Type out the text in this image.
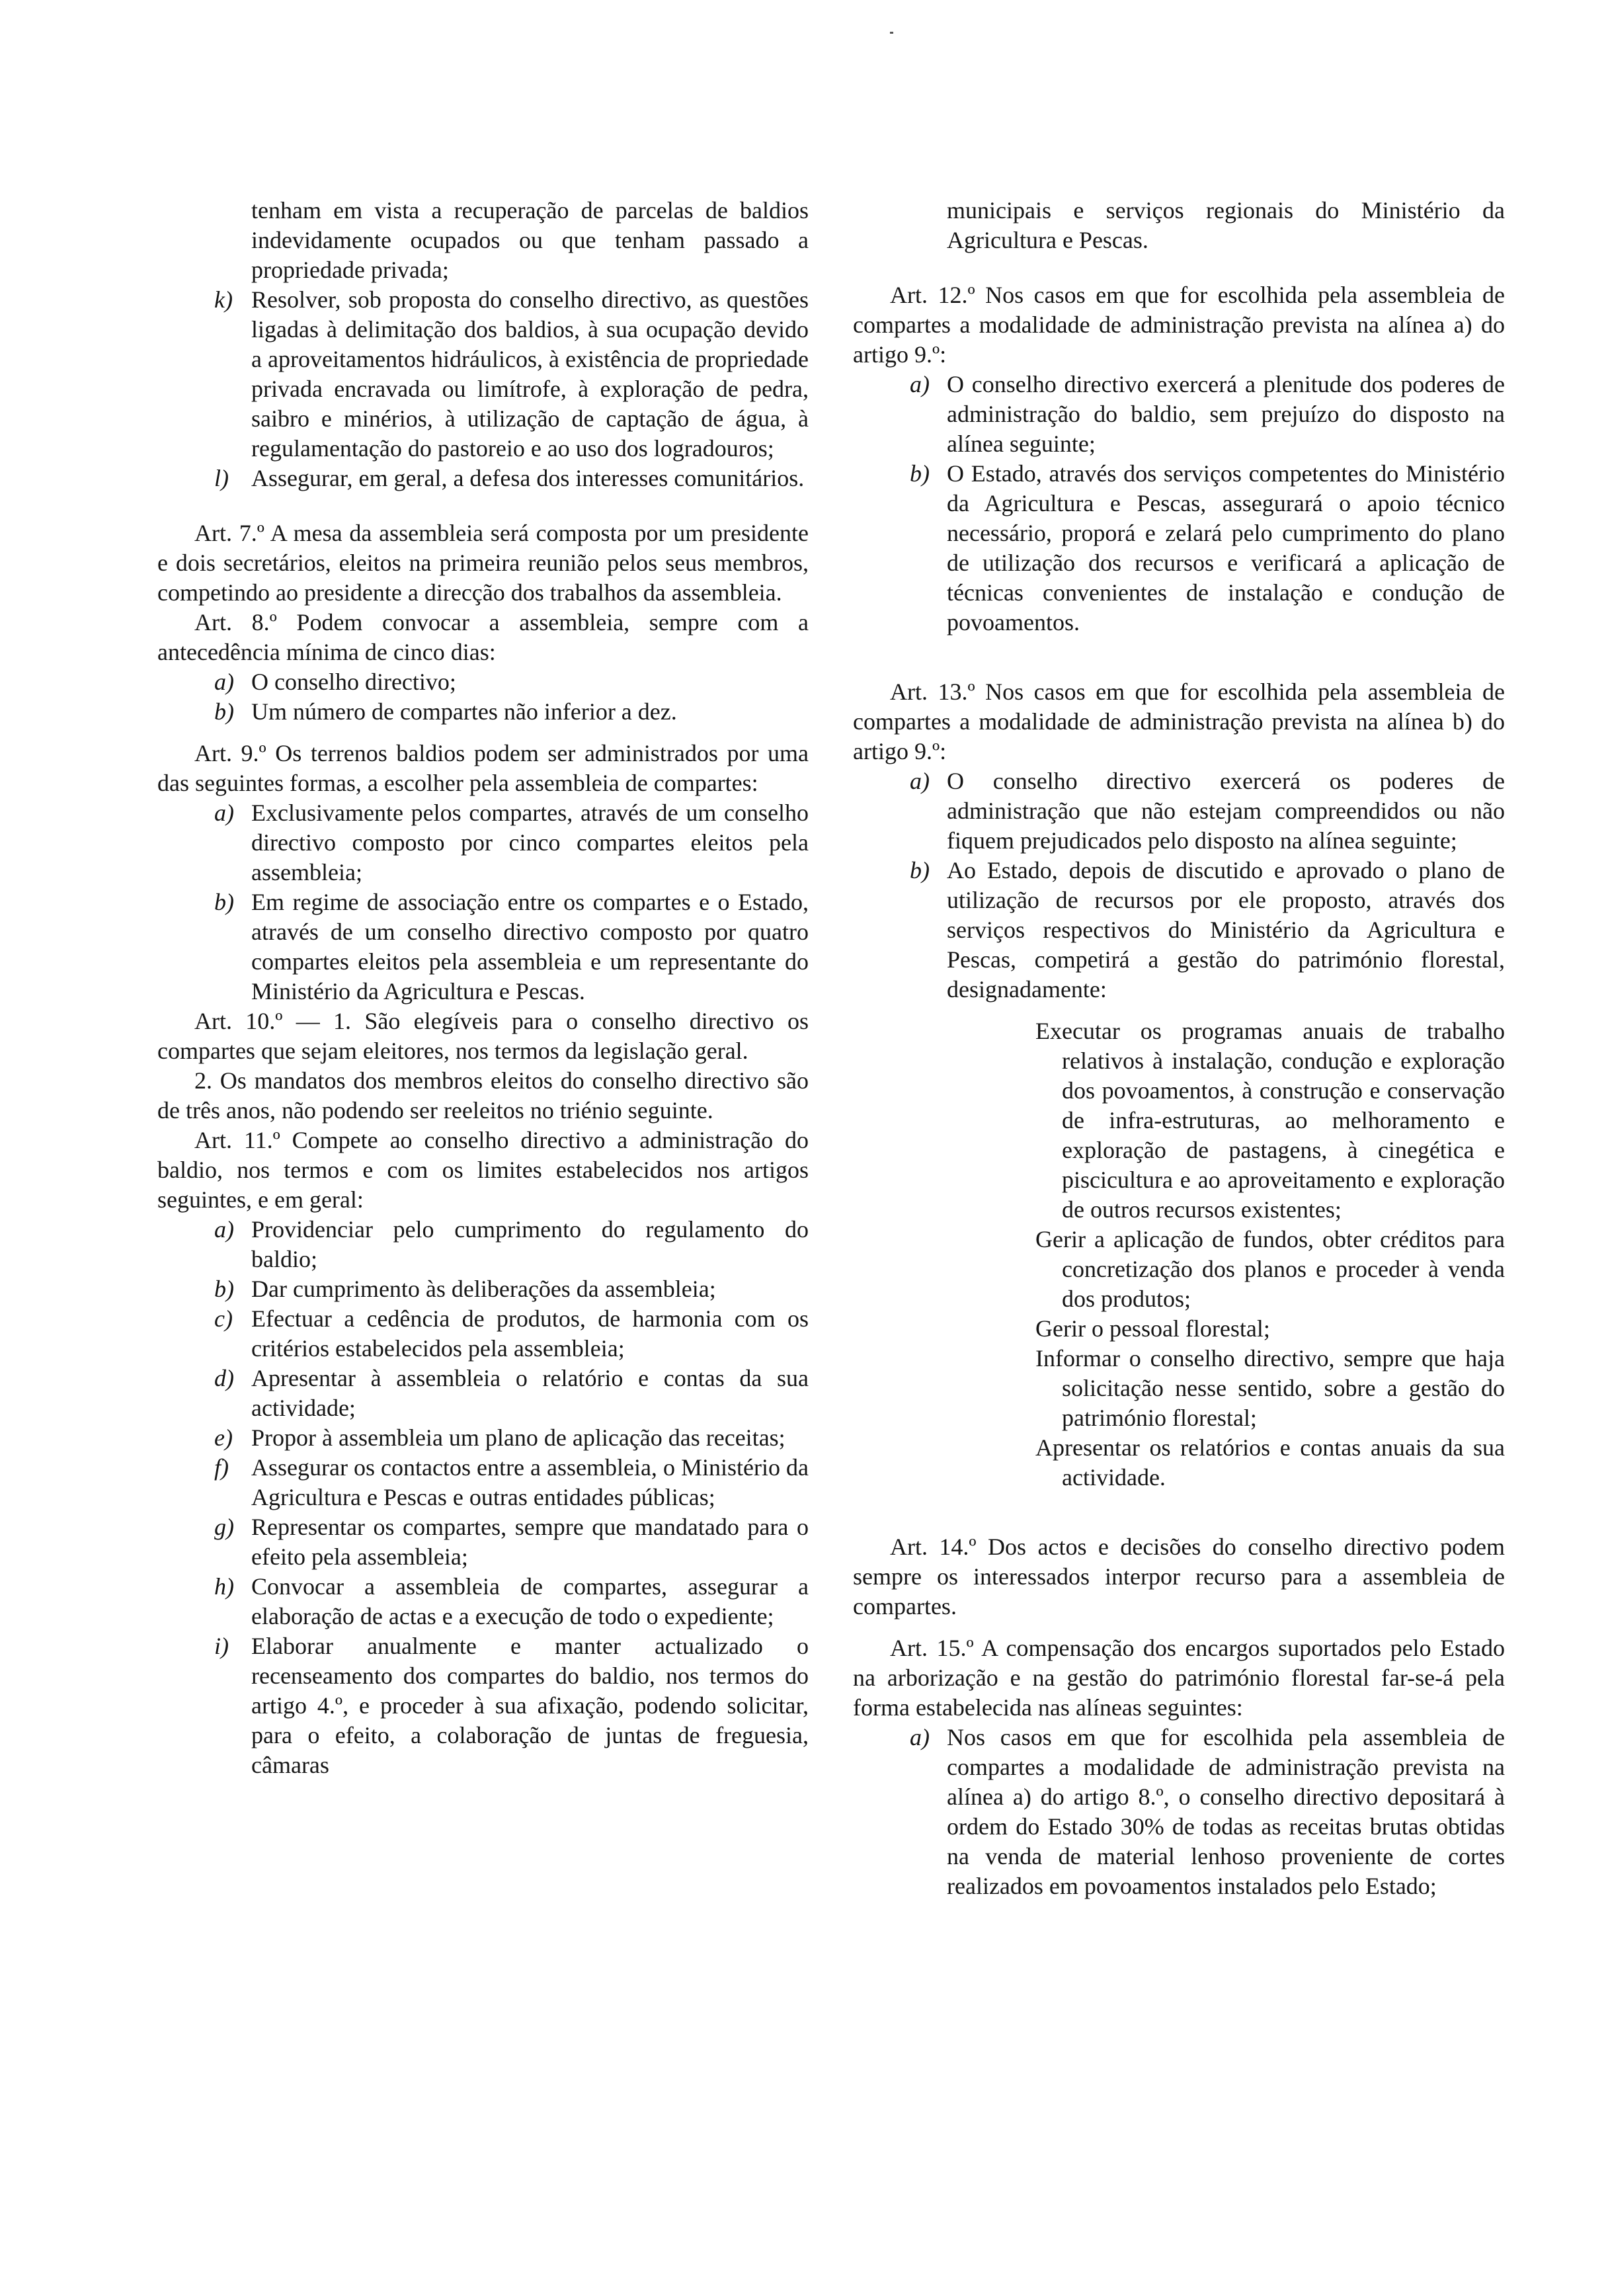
tenham em vista a recuperação de parcelas de baldios indevidamente ocupados ou que tenham passado a propriedade privada;
k) Resolver, sob proposta do conselho directivo, as questões ligadas à delimitação dos baldios, à sua ocupação devido a aproveitamentos hidráulicos, à existência de propriedade privada encravada ou limítrofe, à exploração de pedra, saibro e minérios, à utilização de captação de água, à regulamentação do pastoreio e ao uso dos logradouros;
l) Assegurar, em geral, a defesa dos interesses comunitários.

Art. 7.º A mesa da assembleia será composta por um presidente e dois secretários, eleitos na primeira reunião pelos seus membros, competindo ao presidente a direcção dos trabalhos da assembleia.

Art. 8.º Podem convocar a assembleia, sempre com a antecedência mínima de cinco dias:

a) O conselho directivo;
b) Um número de compartes não inferior a dez.

Art. 9.º Os terrenos baldios podem ser administrados por uma das seguintes formas, a escolher pela assembleia de compartes:

a) Exclusivamente pelos compartes, através de um conselho directivo composto por cinco compartes eleitos pela assembleia;
b) Em regime de associação entre os compartes e o Estado, através de um conselho directivo composto por quatro compartes eleitos pela assembleia e um representante do Ministério da Agricultura e Pescas.

Art. 10.º — 1. São elegíveis para o conselho directivo os compartes que sejam eleitores, nos termos da legislação geral.

2. Os mandatos dos membros eleitos do conselho directivo são de três anos, não podendo ser reeleitos no triénio seguinte.

Art. 11.º Compete ao conselho directivo a administração do baldio, nos termos e com os limites estabelecidos nos artigos seguintes, e em geral:

a) Providenciar pelo cumprimento do regulamento do baldio;
b) Dar cumprimento às deliberações da assembleia;
c) Efectuar a cedência de produtos, de harmonia com os critérios estabelecidos pela assembleia;
d) Apresentar à assembleia o relatório e contas da sua actividade;
e) Propor à assembleia um plano de aplicação das receitas;
f) Assegurar os contactos entre a assembleia, o Ministério da Agricultura e Pescas e outras entidades públicas;
g) Representar os compartes, sempre que mandatado para o efeito pela assembleia;
h) Convocar a assembleia de compartes, assegurar a elaboração de actas e a execução de todo o expediente;
i) Elaborar anualmente e manter actualizado o recenseamento dos compartes do baldio, nos termos do artigo 4.º, e proceder à sua afixação, podendo solicitar, para o efeito, a colaboração de juntas de freguesia, câmaras
municipais e serviços regionais do Ministério da Agricultura e Pescas.

Art. 12.º Nos casos em que for escolhida pela assembleia de compartes a modalidade de administração prevista na alínea a) do artigo 9.º:

a) O conselho directivo exercerá a plenitude dos poderes de administração do baldio, sem prejuízo do disposto na alínea seguinte;
b) O Estado, através dos serviços competentes do Ministério da Agricultura e Pescas, assegurará o apoio técnico necessário, proporá e zelará pelo cumprimento do plano de utilização dos recursos e verificará a aplicação de técnicas convenientes de instalação e condução de povoamentos.

Art. 13.º Nos casos em que for escolhida pela assembleia de compartes a modalidade de administração prevista na alínea b) do artigo 9.º:

a) O conselho directivo exercerá os poderes de administração que não estejam compreendidos ou não fiquem prejudicados pelo disposto na alínea seguinte;
b) Ao Estado, depois de discutido e aprovado o plano de utilização de recursos por ele proposto, através dos serviços respectivos do Ministério da Agricultura e Pescas, competirá a gestão do património florestal, designadamente:

Executar os programas anuais de trabalho relativos à instalação, condução e exploração dos povoamentos, à construção e conservação de infra-estruturas, ao melhoramento e exploração de pastagens, à cinegética e piscicultura e ao aproveitamento e exploração de outros recursos existentes;

Gerir a aplicação de fundos, obter créditos para concretização dos planos e proceder à venda dos produtos;

Gerir o pessoal florestal;

Informar o conselho directivo, sempre que haja solicitação nesse sentido, sobre a gestão do património florestal;

Apresentar os relatórios e contas anuais da sua actividade.

Art. 14.º Dos actos e decisões do conselho directivo podem sempre os interessados interpor recurso para a assembleia de compartes.

Art. 15.º A compensação dos encargos suportados pelo Estado na arborização e na gestão do património florestal far-se-á pela forma estabelecida nas alíneas seguintes:

a) Nos casos em que for escolhida pela assembleia de compartes a modalidade de administração prevista na alínea a) do artigo 8.º, o conselho directivo depositará à ordem do Estado 30% de todas as receitas brutas obtidas na venda de material lenhoso proveniente de cortes realizados em povoamentos instalados pelo Estado;
